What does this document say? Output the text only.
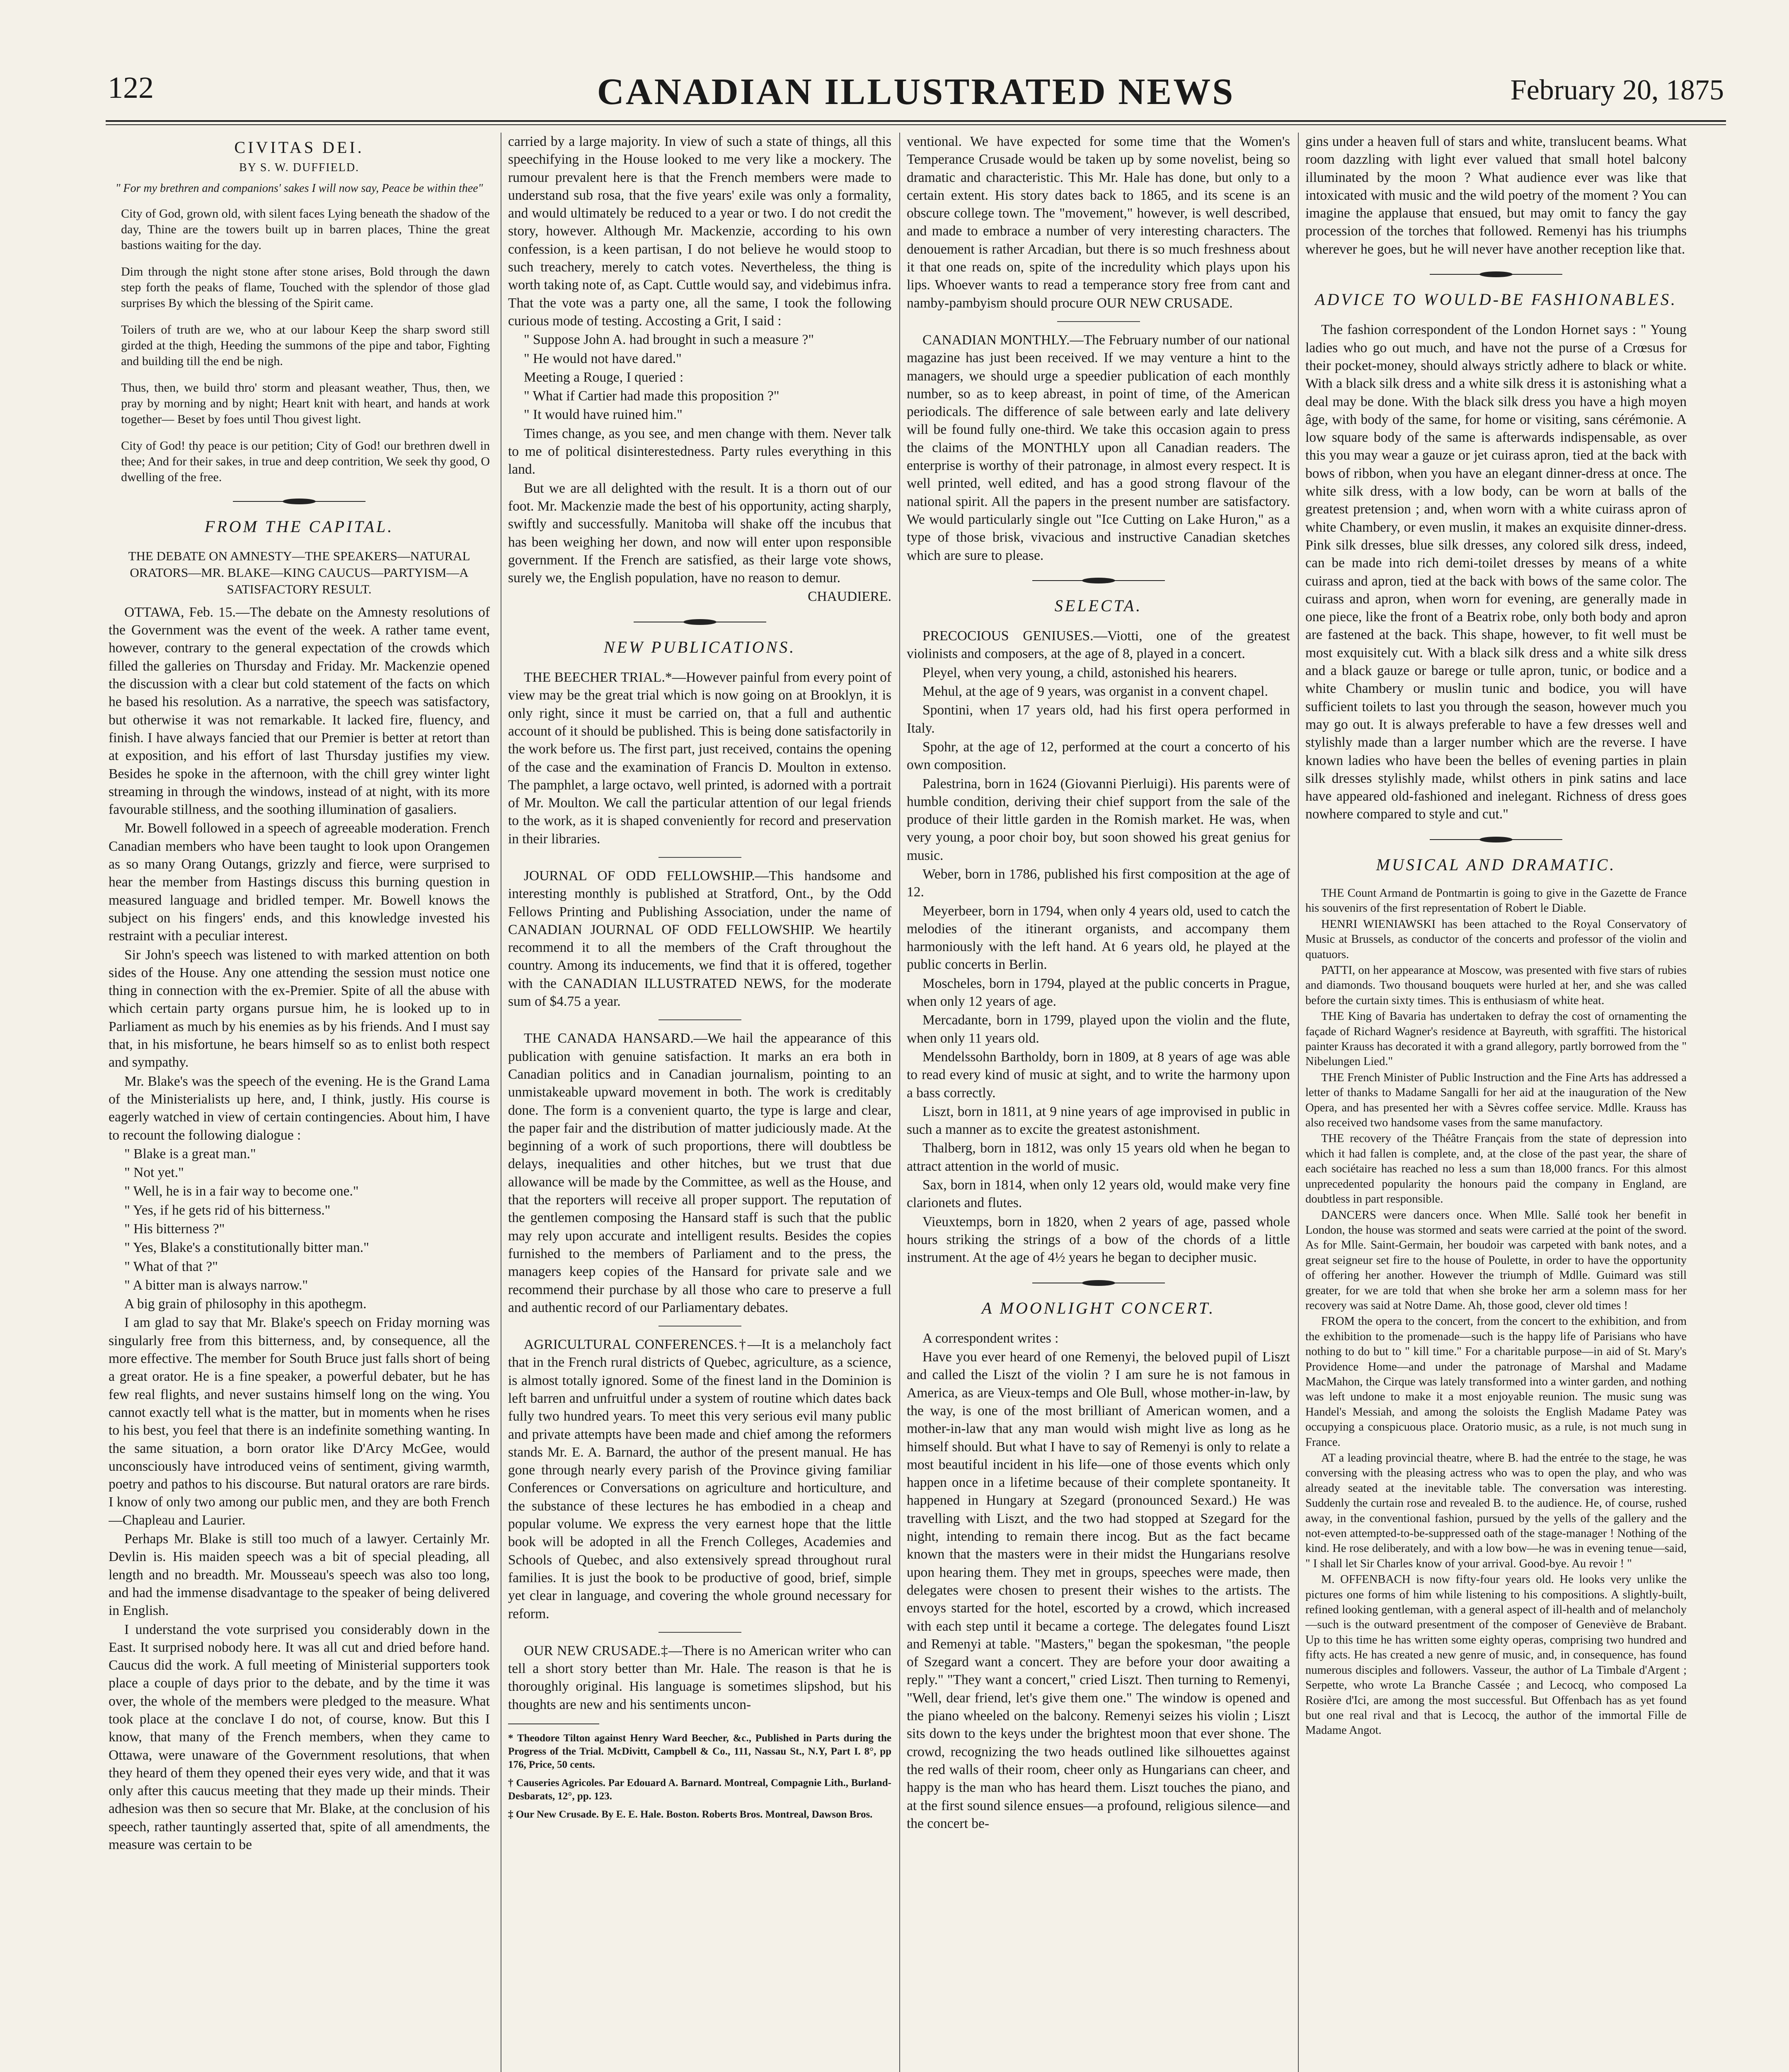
122	CANADIAN ILLUSTRATED NEWS	February 20, 1875
CIVITAS DEI.
BY S. W. DUFFIELD.
" For my brethren and companions' sakes I will now say, Peace be within thee"

City of God, grown old, with silent faces Lying beneath the shadow of the day, Thine are the towers built up in barren places, Thine the great bastions waiting for the day.

Dim through the night stone after stone arises, Bold through the dawn step forth the peaks of flame, Touched with the splendor of those glad surprises By which the blessing of the Spirit came.

Toilers of truth are we, who at our labour Keep the sharp sword still girded at the thigh, Heeding the summons of the pipe and tabor, Fighting and building till the end be nigh.

Thus, then, we build thro' storm and pleasant weather, Thus, then, we pray by morning and by night; Heart knit with heart, and hands at work together— Beset by foes until Thou givest light.

City of God! thy peace is our petition; City of God! our brethren dwell in thee; And for their sakes, in true and deep contrition, We seek thy good, O dwelling of the free.

FROM THE CAPITAL.
THE DEBATE ON AMNESTY—THE SPEAKERS—NATURAL ORATORS—MR. BLAKE—KING CAUCUS—PARTYISM—A SATISFACTORY RESULT.

OTTAWA, Feb. 15.—The debate on the Amnesty resolutions of the Government was the event of the week. A rather tame event, however, contrary to the general expectation of the crowds which filled the galleries on Thursday and Friday. Mr. Mackenzie opened the discussion with a clear but cold statement of the facts on which he based his resolution. As a narrative, the speech was satisfactory, but otherwise it was not remarkable. It lacked fire, fluency, and finish. I have always fancied that our Premier is better at retort than at exposition, and his effort of last Thursday justifies my view. Besides he spoke in the afternoon, with the chill grey winter light streaming in through the windows, instead of at night, with its more favourable stillness, and the soothing illumination of gasaliers.

Mr. Bowell followed in a speech of agreeable moderation. French Canadian members who have been taught to look upon Orangemen as so many Orang Outangs, grizzly and fierce, were surprised to hear the member from Hastings discuss this burning question in measured language and bridled temper. Mr. Bowell knows the subject on his fingers' ends, and this knowledge invested his restraint with a peculiar interest.

Sir John's speech was listened to with marked attention on both sides of the House. Any one attending the session must notice one thing in connection with the ex-Premier. Spite of all the abuse with which certain party organs pursue him, he is looked up to in Parliament as much by his enemies as by his friends. And I must say that, in his misfortune, he bears himself so as to enlist both respect and sympathy.

Mr. Blake's was the speech of the evening. He is the Grand Lama of the Ministerialists up here, and, I think, justly. His course is eagerly watched in view of certain contingencies. About him, I have to recount the following dialogue :

" Blake is a great man."

" Not yet."

" Well, he is in a fair way to become one."

" Yes, if he gets rid of his bitterness."

" His bitterness ?"

" Yes, Blake's a constitutionally bitter man."

" What of that ?"

" A bitter man is always narrow."

A big grain of philosophy in this apothegm.

I am glad to say that Mr. Blake's speech on Friday morning was singularly free from this bitterness, and, by consequence, all the more effective. The member for South Bruce just falls short of being a great orator. He is a fine speaker, a powerful debater, but he has few real flights, and never sustains himself long on the wing. You cannot exactly tell what is the matter, but in moments when he rises to his best, you feel that there is an indefinite something wanting. In the same situation, a born orator like D'Arcy McGee, would unconsciously have introduced veins of sentiment, giving warmth, poetry and pathos to his discourse. But natural orators are rare birds. I know of only two among our public men, and they are both French—Chapleau and Laurier.

Perhaps Mr. Blake is still too much of a lawyer. Certainly Mr. Devlin is. His maiden speech was a bit of special pleading, all length and no breadth. Mr. Mousseau's speech was also too long, and had the immense disadvantage to the speaker of being delivered in English.

I understand the vote surprised you considerably down in the East. It surprised nobody here. It was all cut and dried before hand. Caucus did the work. A full meeting of Ministerial supporters took place a couple of days prior to the debate, and by the time it was over, the whole of the members were pledged to the measure. What took place at the conclave I do not, of course, know. But this I know, that many of the French members, when they came to Ottawa, were unaware of the Government resolutions, that when they heard of them they opened their eyes very wide, and that it was only after this caucus meeting that they made up their minds. Their adhesion was then so secure that Mr. Blake, at the conclusion of his speech, rather tauntingly asserted that, spite of all amendments, the measure was certain to be

carried by a large majority. In view of such a state of things, all this speechifying in the House looked to me very like a mockery. The rumour prevalent here is that the French members were made to understand sub rosa, that the five years' exile was only a formality, and would ultimately be reduced to a year or two. I do not credit the story, however. Although Mr. Mackenzie, according to his own confession, is a keen partisan, I do not believe he would stoop to such treachery, merely to catch votes. Nevertheless, the thing is worth taking note of, as Capt. Cuttle would say, and videbimus infra. That the vote was a party one, all the same, I took the following curious mode of testing. Accosting a Grit, I said :

" Suppose John A. had brought in such a measure ?"

" He would not have dared."

Meeting a Rouge, I queried :

" What if Cartier had made this proposition ?"

" It would have ruined him."

Times change, as you see, and men change with them. Never talk to me of political disinterestedness. Party rules everything in this land.

But we are all delighted with the result. It is a thorn out of our foot. Mr. Mackenzie made the best of his opportunity, acting sharply, swiftly and successfully. Manitoba will shake off the incubus that has been weighing her down, and now will enter upon responsible government. If the French are satisfied, as their large vote shows, surely we, the English population, have no reason to demur.

CHAUDIERE.

NEW PUBLICATIONS.

THE BEECHER TRIAL.*—However painful from every point of view may be the great trial which is now going on at Brooklyn, it is only right, since it must be carried on, that a full and authentic account of it should be published. This is being done satisfactorily in the work before us. The first part, just received, contains the opening of the case and the examination of Francis D. Moulton in extenso. The pamphlet, a large octavo, well printed, is adorned with a portrait of Mr. Moulton. We call the particular attention of our legal friends to the work, as it is shaped conveniently for record and preservation in their libraries.

JOURNAL OF ODD FELLOWSHIP.—This handsome and interesting monthly is published at Stratford, Ont., by the Odd Fellows Printing and Publishing Association, under the name of CANADIAN JOURNAL OF ODD FELLOWSHIP. We heartily recommend it to all the members of the Craft throughout the country. Among its inducements, we find that it is offered, together with the CANADIAN ILLUSTRATED NEWS, for the moderate sum of $4.75 a year.

THE CANADA HANSARD.—We hail the appearance of this publication with genuine satisfaction. It marks an era both in Canadian politics and in Canadian journalism, pointing to an unmistakeable upward movement in both. The work is creditably done. The form is a convenient quarto, the type is large and clear, the paper fair and the distribution of matter judiciously made. At the beginning of a work of such proportions, there will doubtless be delays, inequalities and other hitches, but we trust that due allowance will be made by the Committee, as well as the House, and that the reporters will receive all proper support. The reputation of the gentlemen composing the Hansard staff is such that the public may rely upon accurate and intelligent results. Besides the copies furnished to the members of Parliament and to the press, the managers keep copies of the Hansard for private sale and we recommend their purchase by all those who care to preserve a full and authentic record of our Parliamentary debates.

AGRICULTURAL CONFERENCES.†—It is a melancholy fact that in the French rural districts of Quebec, agriculture, as a science, is almost totally ignored. Some of the finest land in the Dominion is left barren and unfruitful under a system of routine which dates back fully two hundred years. To meet this very serious evil many public and private attempts have been made and chief among the reformers stands Mr. E. A. Barnard, the author of the present manual. He has gone through nearly every parish of the Province giving familiar Conferences or Conversations on agriculture and horticulture, and the substance of these lectures he has embodied in a cheap and popular volume. We express the very earnest hope that the little book will be adopted in all the French Colleges, Academies and Schools of Quebec, and also extensively spread throughout rural families. It is just the book to be productive of good, brief, simple yet clear in language, and covering the whole ground necessary for reform.

OUR NEW CRUSADE.‡—There is no American writer who can tell a short story better than Mr. Hale. The reason is that he is thoroughly original. His language is sometimes slipshod, but his thoughts are new and his sentiments uncon-

* Theodore Tilton against Henry Ward Beecher, &c., Published in Parts during the Progress of the Trial. McDivitt, Campbell & Co., 111, Nassau St., N.Y, Part I. 8°, pp 176, Price, 50 cents.

† Causeries Agricoles. Par Edouard A. Barnard. Montreal, Compagnie Lith., Burland-Desbarats, 12°, pp. 123.

‡ Our New Crusade. By E. E. Hale. Boston. Roberts Bros. Montreal, Dawson Bros.

ventional. We have expected for some time that the Women's Temperance Crusade would be taken up by some novelist, being so dramatic and characteristic. This Mr. Hale has done, but only to a certain extent. His story dates back to 1865, and its scene is an obscure college town. The "movement," however, is well described, and made to embrace a number of very interesting characters. The denouement is rather Arcadian, but there is so much freshness about it that one reads on, spite of the incredulity which plays upon his lips. Whoever wants to read a temperance story free from cant and namby-pambyism should procure OUR NEW CRUSADE.

CANADIAN MONTHLY.—The February number of our national magazine has just been received. If we may venture a hint to the managers, we should urge a speedier publication of each monthly number, so as to keep abreast, in point of time, of the American periodicals. The difference of sale between early and late delivery will be found fully one-third. We take this occasion again to press the claims of the MONTHLY upon all Canadian readers. The enterprise is worthy of their patronage, in almost every respect. It is well printed, well edited, and has a good strong flavour of the national spirit. All the papers in the present number are satisfactory. We would particularly single out "Ice Cutting on Lake Huron," as a type of those brisk, vivacious and instructive Canadian sketches which are sure to please.

SELECTA.

PRECOCIOUS GENIUSES.—Viotti, one of the greatest violinists and composers, at the age of 8, played in a concert.

Pleyel, when very young, a child, astonished his hearers.

Mehul, at the age of 9 years, was organist in a convent chapel.

Spontini, when 17 years old, had his first opera performed in Italy.

Spohr, at the age of 12, performed at the court a concerto of his own composition.

Palestrina, born in 1624 (Giovanni Pierluigi). His parents were of humble condition, deriving their chief support from the sale of the produce of their little garden in the Romish market. He was, when very young, a poor choir boy, but soon showed his great genius for music.

Weber, born in 1786, published his first composition at the age of 12.

Meyerbeer, born in 1794, when only 4 years old, used to catch the melodies of the itinerant organists, and accompany them harmoniously with the left hand. At 6 years old, he played at the public concerts in Berlin.

Moscheles, born in 1794, played at the public concerts in Prague, when only 12 years of age.

Mercadante, born in 1799, played upon the violin and the flute, when only 11 years old.

Mendelssohn Bartholdy, born in 1809, at 8 years of age was able to read every kind of music at sight, and to write the harmony upon a bass correctly.

Liszt, born in 1811, at 9 nine years of age improvised in public in such a manner as to excite the greatest astonishment.

Thalberg, born in 1812, was only 15 years old when he began to attract attention in the world of music.

Sax, born in 1814, when only 12 years old, would make very fine clarionets and flutes.

Vieuxtemps, born in 1820, when 2 years of age, passed whole hours striking the strings of a bow of the chords of a little instrument. At the age of 4½ years he began to decipher music.

A MOONLIGHT CONCERT.

A correspondent writes :

Have you ever heard of one Remenyi, the beloved pupil of Liszt and called the Liszt of the violin ? I am sure he is not famous in America, as are Vieux-temps and Ole Bull, whose mother-in-law, by the way, is one of the most brilliant of American women, and a mother-in-law that any man would wish might live as long as he himself should. But what I have to say of Remenyi is only to relate a most beautiful incident in his life—one of those events which only happen once in a lifetime because of their complete spontaneity. It happened in Hungary at Szegard (pronounced Sexard.) He was travelling with Liszt, and the two had stopped at Szegard for the night, intending to remain there incog. But as the fact became known that the masters were in their midst the Hungarians resolve upon hearing them. They met in groups, speeches were made, then delegates were chosen to present their wishes to the artists. The envoys started for the hotel, escorted by a crowd, which increased with each step until it became a cortege. The delegates found Liszt and Remenyi at table. "Masters," began the spokesman, "the people of Szegard want a concert. They are before your door awaiting a reply." "They want a concert," cried Liszt. Then turning to Remenyi, "Well, dear friend, let's give them one." The window is opened and the piano wheeled on the balcony. Remenyi seizes his violin ; Liszt sits down to the keys under the brightest moon that ever shone. The crowd, recognizing the two heads outlined like silhouettes against the red walls of their room, cheer only as Hungarians can cheer, and happy is the man who has heard them. Liszt touches the piano, and at the first sound silence ensues—a profound, religious silence—and the concert be-

gins under a heaven full of stars and white, translucent beams. What room dazzling with light ever valued that small hotel balcony illuminated by the moon ? What audience ever was like that intoxicated with music and the wild poetry of the moment ? You can imagine the applause that ensued, but may omit to fancy the gay procession of the torches that followed. Remenyi has his triumphs wherever he goes, but he will never have another reception like that.

ADVICE TO WOULD-BE FASHIONABLES.

The fashion correspondent of the London Hornet says : " Young ladies who go out much, and have not the purse of a Crœsus for their pocket-money, should always strictly adhere to black or white. With a black silk dress and a white silk dress it is astonishing what a deal may be done. With the black silk dress you have a high moyen âge, with body of the same, for home or visiting, sans cérémonie. A low square body of the same is afterwards indispensable, as over this you may wear a gauze or jet cuirass apron, tied at the back with bows of ribbon, when you have an elegant dinner-dress at once. The white silk dress, with a low body, can be worn at balls of the greatest pretension ; and, when worn with a white cuirass apron of white Chambery, or even muslin, it makes an exquisite dinner-dress. Pink silk dresses, blue silk dresses, any colored silk dress, indeed, can be made into rich demi-toilet dresses by means of a white cuirass and apron, tied at the back with bows of the same color. The cuirass and apron, when worn for evening, are generally made in one piece, like the front of a Beatrix robe, only both body and apron are fastened at the back. This shape, however, to fit well must be most exquisitely cut. With a black silk dress and a white silk dress and a black gauze or barege or tulle apron, tunic, or bodice and a white Chambery or muslin tunic and bodice, you will have sufficient toilets to last you through the season, however much you may go out. It is always preferable to have a few dresses well and stylishly made than a larger number which are the reverse. I have known ladies who have been the belles of evening parties in plain silk dresses stylishly made, whilst others in pink satins and lace have appeared old-fashioned and inelegant. Richness of dress goes nowhere compared to style and cut."

MUSICAL AND DRAMATIC.

THE Count Armand de Pontmartin is going to give in the Gazette de France his souvenirs of the first representation of Robert le Diable.

HENRI WIENIAWSKI has been attached to the Royal Conservatory of Music at Brussels, as conductor of the concerts and professor of the violin and quatuors.

PATTI, on her appearance at Moscow, was presented with five stars of rubies and diamonds. Two thousand bouquets were hurled at her, and she was called before the curtain sixty times. This is enthusiasm of white heat.

THE King of Bavaria has undertaken to defray the cost of ornamenting the façade of Richard Wagner's residence at Bayreuth, with sgraffiti. The historical painter Krauss has decorated it with a grand allegory, partly borrowed from the " Nibelungen Lied."

THE French Minister of Public Instruction and the Fine Arts has addressed a letter of thanks to Madame Sangalli for her aid at the inauguration of the New Opera, and has presented her with a Sèvres coffee service. Mdlle. Krauss has also received two handsome vases from the same manufactory.

THE recovery of the Théâtre Français from the state of depression into which it had fallen is complete, and, at the close of the past year, the share of each sociétaire has reached no less a sum than 18,000 francs. For this almost unprecedented popularity the honours paid the company in England, are doubtless in part responsible.

DANCERS were dancers once. When Mlle. Sallé took her benefit in London, the house was stormed and seats were carried at the point of the sword. As for Mlle. Saint-Germain, her boudoir was carpeted with bank notes, and a great seigneur set fire to the house of Poulette, in order to have the opportunity of offering her another. However the triumph of Mdlle. Guimard was still greater, for we are told that when she broke her arm a solemn mass for her recovery was said at Notre Dame. Ah, those good, clever old times !

FROM the opera to the concert, from the concert to the exhibition, and from the exhibition to the promenade—such is the happy life of Parisians who have nothing to do but to " kill time." For a charitable purpose—in aid of St. Mary's Providence Home—and under the patronage of Marshal and Madame MacMahon, the Cirque was lately transformed into a winter garden, and nothing was left undone to make it a most enjoyable reunion. The music sung was Handel's Messiah, and among the soloists the English Madame Patey was occupying a conspicuous place. Oratorio music, as a rule, is not much sung in France.

AT a leading provincial theatre, where B. had the entrée to the stage, he was conversing with the pleasing actress who was to open the play, and who was already seated at the inevitable table. The conversation was interesting. Suddenly the curtain rose and revealed B. to the audience. He, of course, rushed away, in the conventional fashion, pursued by the yells of the gallery and the not-even attempted-to-be-suppressed oath of the stage-manager ! Nothing of the kind. He rose deliberately, and with a low bow—he was in evening tenue—said, " I shall let Sir Charles know of your arrival. Good-bye. Au revoir ! "

M. OFFENBACH is now fifty-four years old. He looks very unlike the pictures one forms of him while listening to his compositions. A slightly-built, refined looking gentleman, with a general aspect of ill-health and of melancholy—such is the outward presentment of the composer of Geneviève de Brabant. Up to this time he has written some eighty operas, comprising two hundred and fifty acts. He has created a new genre of music, and, in consequence, has found numerous disciples and followers. Vasseur, the author of La Timbale d'Argent ; Serpette, who wrote La Branche Cassée ; and Lecocq, who composed La Rosière d'Ici, are among the most successful. But Offenbach has as yet found but one real rival and that is Lecocq, the author of the immortal Fille de Madame Angot.
